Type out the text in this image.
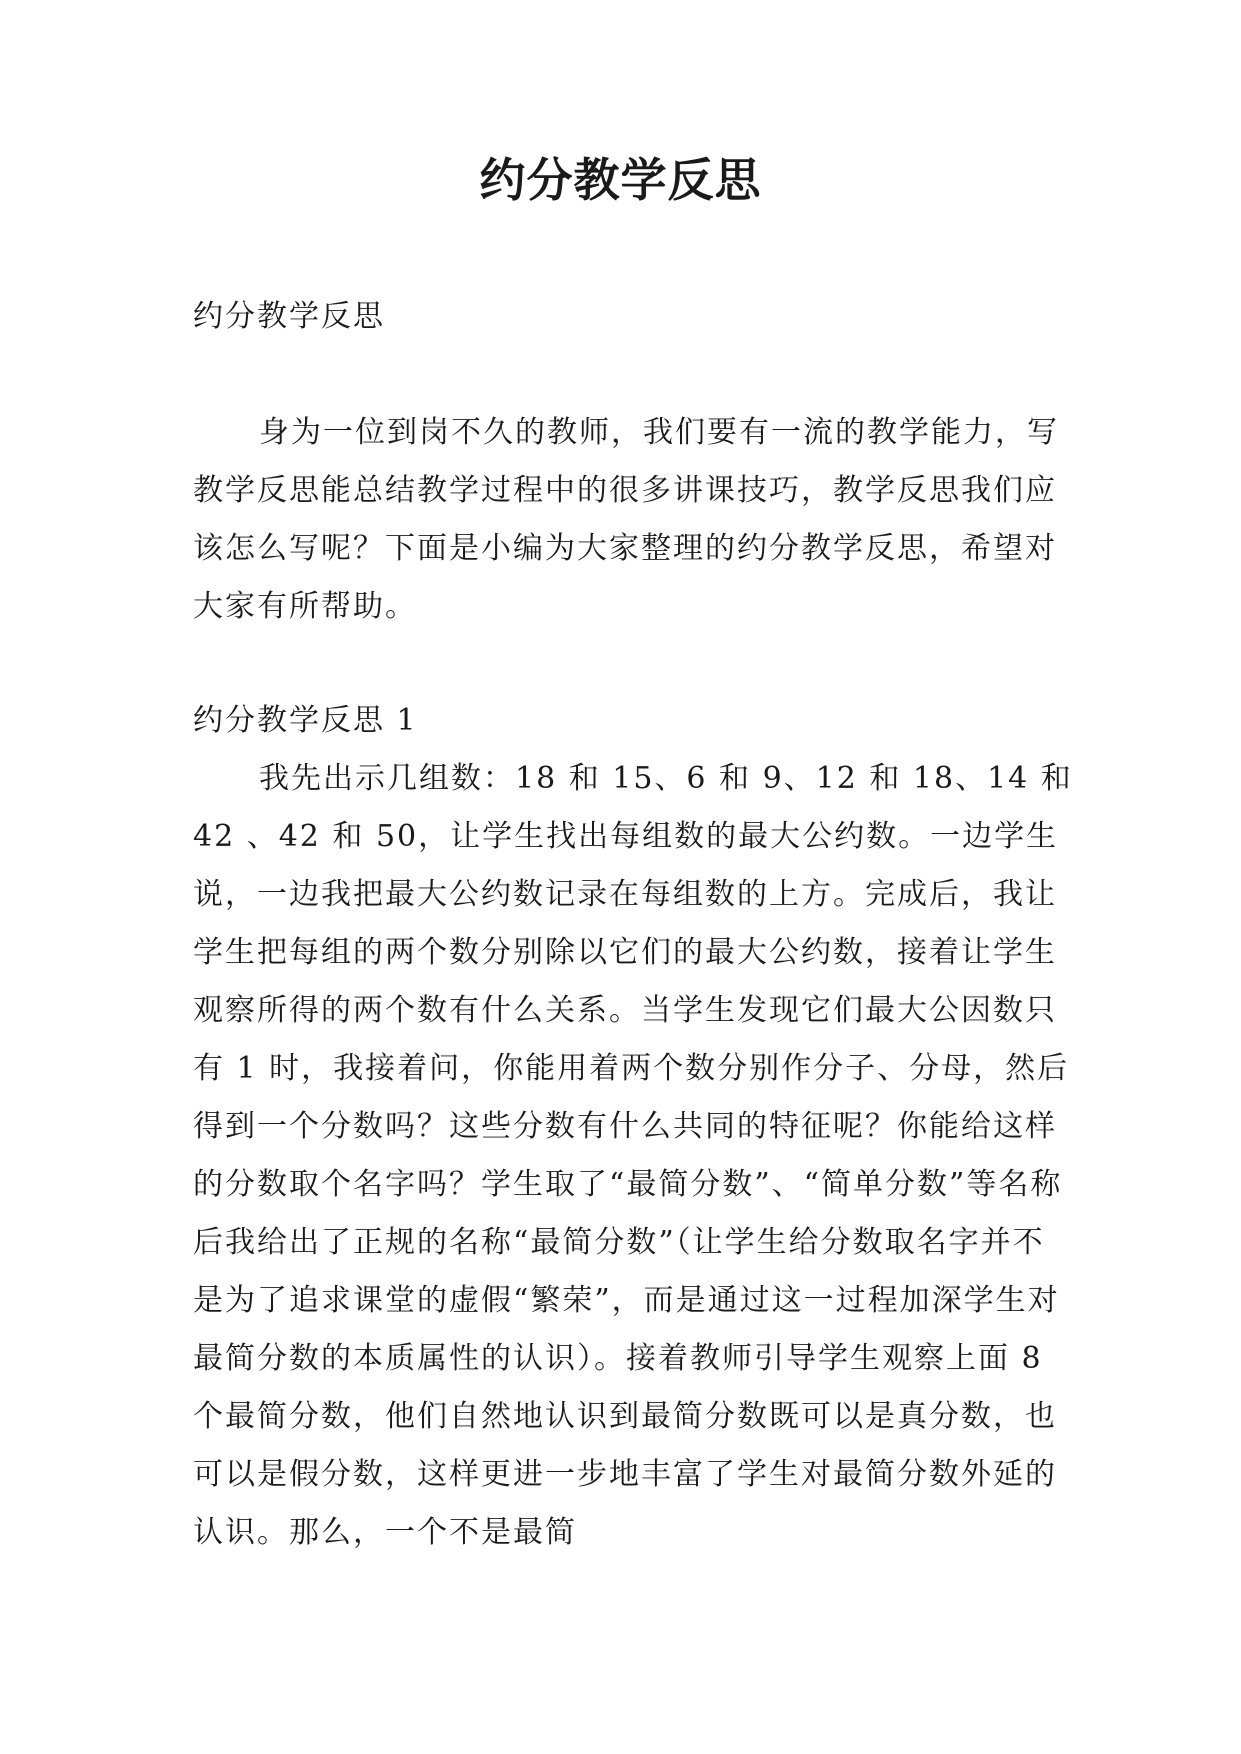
约分教学反思

约分教学反思

身为一位到岗不久的教师，我们要有一流的教学能力，写教学反思能总结教学过程中的很多讲课技巧，教学反思我们应该怎么写呢？下面是小编为大家整理的约分教学反思，希望对大家有所帮助。

约分教学反思 1

我先出示几组数：18 和 15、6 和 9、12 和 18、14 和 42 、42 和 50，让学生找出每组数的最大公约数。一边学生说，一边我把最大公约数记录在每组数的上方。完成后，我让学生把每组的两个数分别除以它们的最大公约数，接着让学生观察所得的两个数有什么关系。当学生发现它们最大公因数只有 1 时，我接着问，你能用着两个数分别作分子、分母，然后得到一个分数吗？这些分数有什么共同的特征呢？你能给这样的分数取个名字吗？学生取了“最简分数”、“简单分数”等名称后我给出了正规的名称“最简分数”（让学生给分数取名字并不是为了追求课堂的虚假“繁荣”，而是通过这一过程加深学生对最简分数的本质属性的认识）。接着教师引导学生观察上面 8 个最简分数，他们自然地认识到最简分数既可以是真分数，也可以是假分数，这样更进一步地丰富了学生对最简分数外延的认识。那么，一个不是最简
